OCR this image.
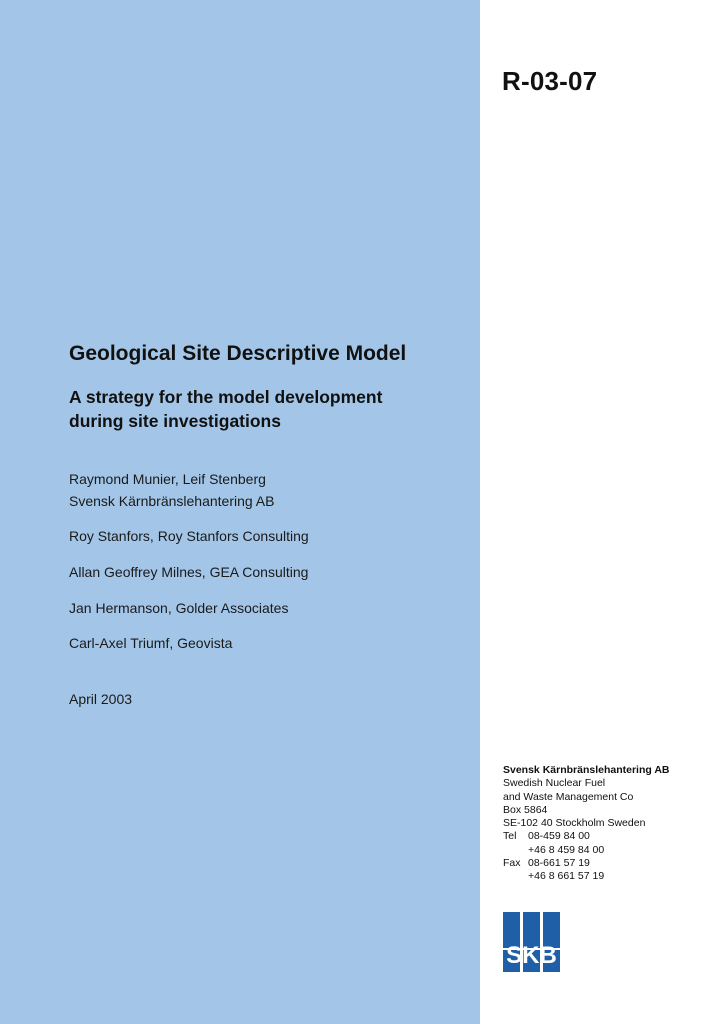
R-03-07
Geological Site Descriptive Model
A strategy for the model development
during site investigations
Raymond Munier, Leif Stenberg
Svensk Kärnbränslehantering AB
Roy Stanfors, Roy Stanfors Consulting
Allan Geoffrey Milnes, GEA Consulting
Jan Hermanson, Golder Associates
Carl-Axel Triumf, Geovista
April 2003
Svensk Kärnbränslehantering AB
Swedish Nuclear Fuel
and Waste Management Co
Box 5864
SE-102 40 Stockholm Sweden
Tel	08-459 84 00
+46 8 459 84 00
Fax 08-661 57 19
+46 8 661 57 19
SKB
